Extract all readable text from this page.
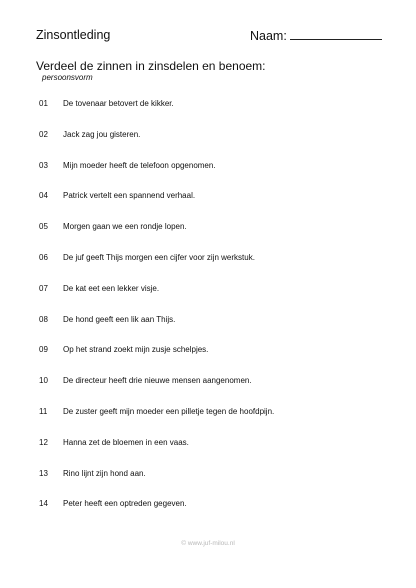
Zinsontleding	Naam:
Verdeel de zinnen in zinsdelen en benoem:
persoonsvorm
01 De tovenaar betovert de kikker.
02 Jack zag jou gisteren.
03 Mijn moeder heeft de telefoon opgenomen.
04 Patrick vertelt een spannend verhaal.
05 Morgen gaan we een rondje lopen.
06 De juf geeft Thijs morgen een cijfer voor zijn werkstuk.
07 De kat eet een lekker visje.
08 De hond geeft een lik aan Thijs.
09 Op het strand zoekt mijn zusje schelpjes.
10 De directeur heeft drie nieuwe mensen aangenomen.
11 De zuster geeft mijn moeder een pilletje tegen de hoofdpijn.
12 Hanna zet de bloemen in een vaas.
13 Rino lijnt zijn hond aan.
14 Peter heeft een optreden gegeven.
© www.juf-milou.nl
